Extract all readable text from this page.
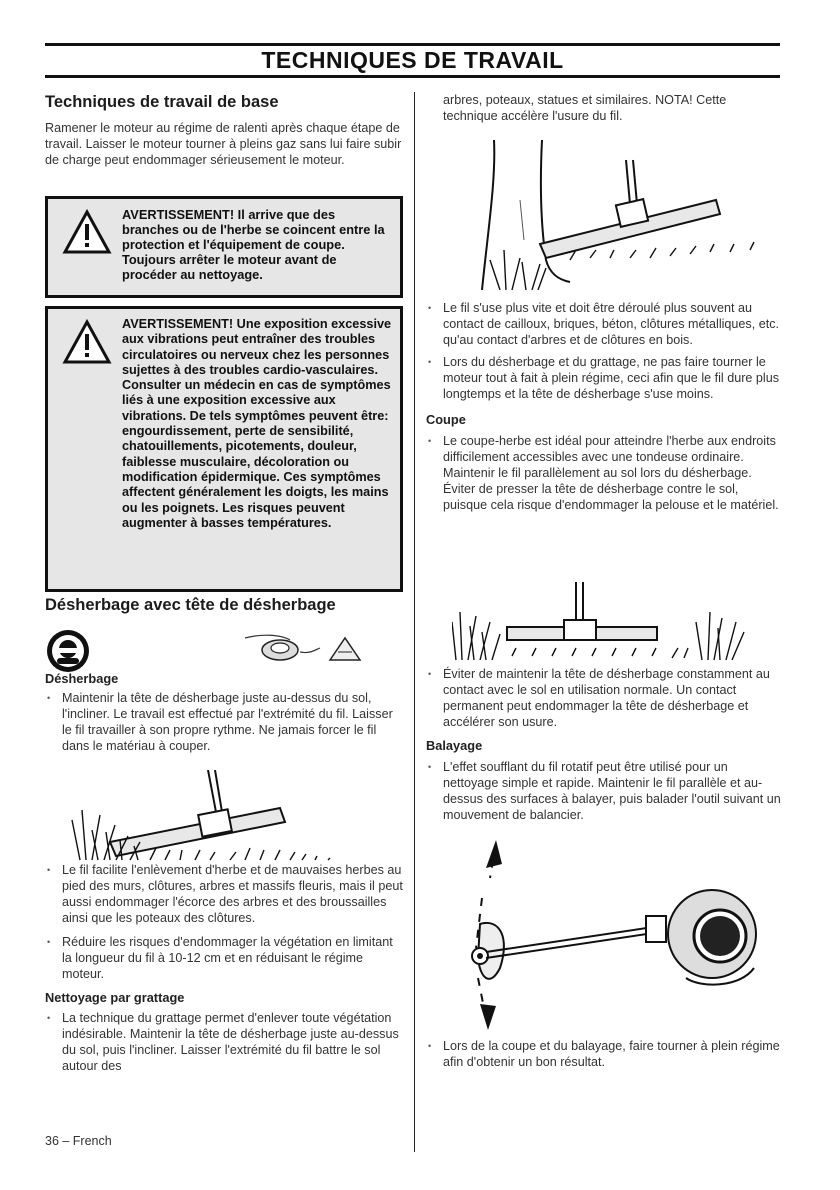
TECHNIQUES DE TRAVAIL
Techniques de travail de base

Ramener le moteur au régime de ralenti après chaque étape de travail. Laisser le moteur tourner à pleins gaz sans lui faire subir de charge peut endommager sérieusement le moteur.

AVERTISSEMENT! Il arrive que des branches ou de l'herbe se coincent entre la protection et l'équipement de coupe. Toujours arrêter le moteur avant de procéder au nettoyage.
AVERTISSEMENT! Une exposition excessive aux vibrations peut entraîner des troubles circulatoires ou nerveux chez les personnes sujettes à des troubles cardio-vasculaires. Consulter un médecin en cas de symptômes liés à une exposition excessive aux vibrations. De tels symptômes peuvent être: engourdissement, perte de sensibilité, chatouillements, picotements, douleur, faiblesse musculaire, décoloration ou modification épidermique. Ces symptômes affectent généralement les doigts, les mains ou les poignets. Les risques peuvent augmenter à basses températures.
Désherbage avec tête de désherbage
Désherbage
• Maintenir la tête de désherbage juste au-dessus du sol, l'incliner. Le travail est effectué par l'extrémité du fil. Laisser le fil travailler à son propre rythme. Ne jamais forcer le fil dans le matériau à couper.
• Le fil facilite l'enlèvement d'herbe et de mauvaises herbes au pied des murs, clôtures, arbres et massifs fleuris, mais il peut aussi endommager l'écorce des arbres et des broussailles ainsi que les poteaux des clôtures.
• Réduire les risques d'endommager la végétation en limitant la longueur du fil à 10-12 cm et en réduisant le régime moteur.
Nettoyage par grattage
• La technique du grattage permet d'enlever toute végétation indésirable. Maintenir la tête de désherbage juste au-dessus du sol, puis l'incliner. Laisser l'extrémité du fil battre le sol autour des

arbres, poteaux, statues et similaires. NOTA! Cette technique accélère l'usure du fil.

• Le fil s'use plus vite et doit être déroulé plus souvent au contact de cailloux, briques, béton, clôtures métalliques, etc. qu'au contact d'arbres et de clôtures en bois.
• Lors du désherbage et du grattage, ne pas faire tourner le moteur tout à fait à plein régime, ceci afin que le fil dure plus longtemps et la tête de désherbage s'use moins.
Coupe
• Le coupe-herbe est idéal pour atteindre l'herbe aux endroits difficilement accessibles avec une tondeuse ordinaire. Maintenir le fil parallèlement au sol lors du désherbage. Éviter de presser la tête de désherbage contre le sol, puisque cela risque d'endommager la pelouse et le matériel.
• Éviter de maintenir la tête de désherbage constamment au contact avec le sol en utilisation normale. Un contact permanent peut endommager la tête de désherbage et accélérer son usure.
Balayage
• L'effet soufflant du fil rotatif peut être utilisé pour un nettoyage simple et rapide. Maintenir le fil parallèle et au-dessus des surfaces à balayer, puis balader l'outil suivant un mouvement de balancier.
• Lors de la coupe et du balayage, faire tourner à plein régime afin d'obtenir un bon résultat.
36 – French
